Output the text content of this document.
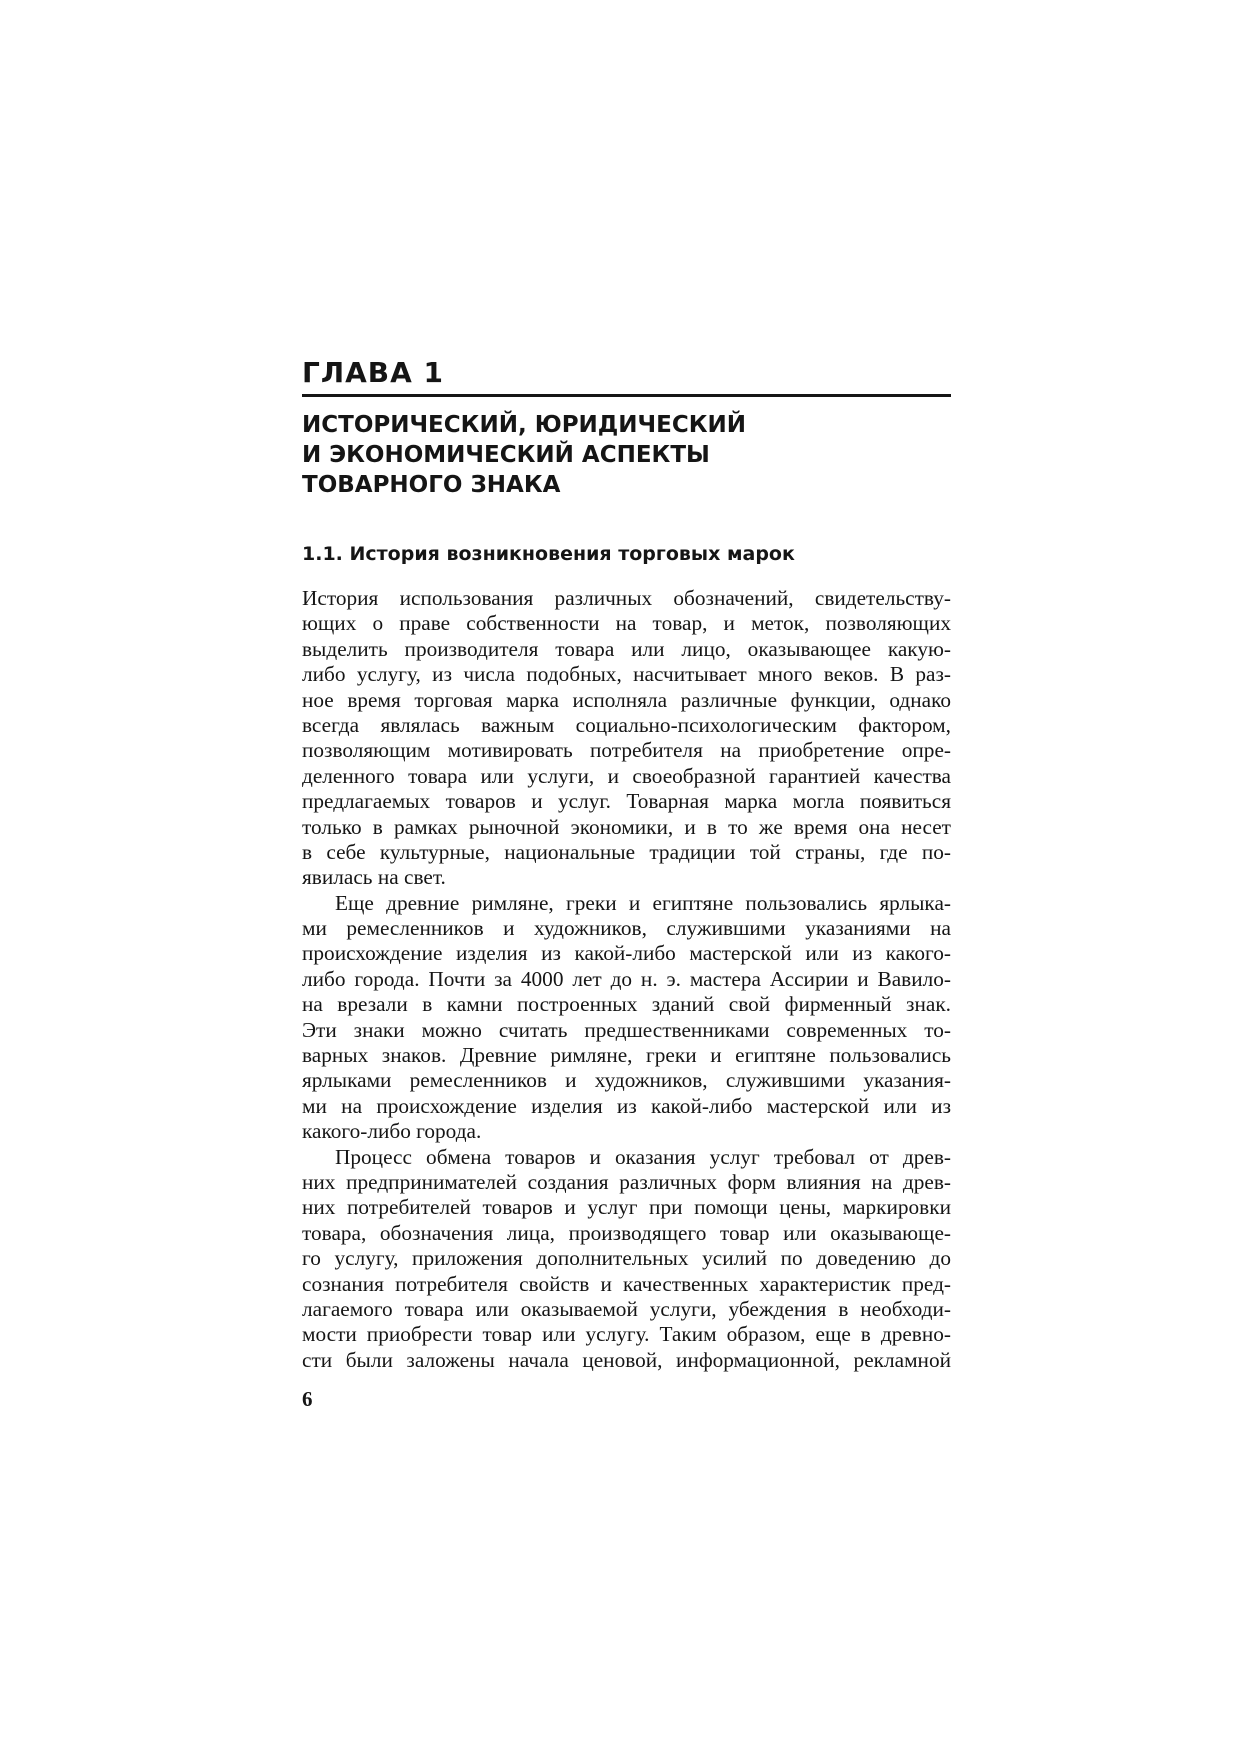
ГЛАВА 1
ИСТОРИЧЕСКИЙ, ЮРИДИЧЕСКИЙ
И ЭКОНОМИЧЕСКИЙ АСПЕКТЫ
ТОВАРНОГО ЗНАКА
1.1. История возникновения торговых марок
История использования различных обозначений, свидетельству-
ющих о праве собственности на товар, и меток, позволяющих
выделить производителя товара или лицо, оказывающее какую-
либо услугу, из числа подобных, насчитывает много веков. В раз-
ное время торговая марка исполняла различные функции, однако
всегда являлась важным социально-психологическим фактором,
позволяющим мотивировать потребителя на приобретение опре-
деленного товара или услуги, и своеобразной гарантией качества
предлагаемых товаров и услуг. Товарная марка могла появиться
только в рамках рыночной экономики, и в то же время она несет
в себе культурные, национальные традиции той страны, где по-
явилась на свет.
Еще древние римляне, греки и египтяне пользовались ярлыка-
ми ремесленников и художников, служившими указаниями на
происхождение изделия из какой-либо мастерской или из какого-
либо города. Почти за 4000 лет до н. э. мастера Ассирии и Вавило-
на врезали в камни построенных зданий свой фирменный знак.
Эти знаки можно считать предшественниками современных то-
варных знаков. Древние римляне, греки и египтяне пользовались
ярлыками ремесленников и художников, служившими указания-
ми на происхождение изделия из какой-либо мастерской или из
какого-либо города.
Процесс обмена товаров и оказания услуг требовал от древ-
них предпринимателей создания различных форм влияния на древ-
них потребителей товаров и услуг при помощи цены, маркировки
товара, обозначения лица, производящего товар или оказывающе-
го услугу, приложения дополнительных усилий по доведению до
сознания потребителя свойств и качественных характеристик пред-
лагаемого товара или оказываемой услуги, убеждения в необходи-
мости приобрести товар или услугу. Таким образом, еще в древно-
сти были заложены начала ценовой, информационной, рекламной
6
